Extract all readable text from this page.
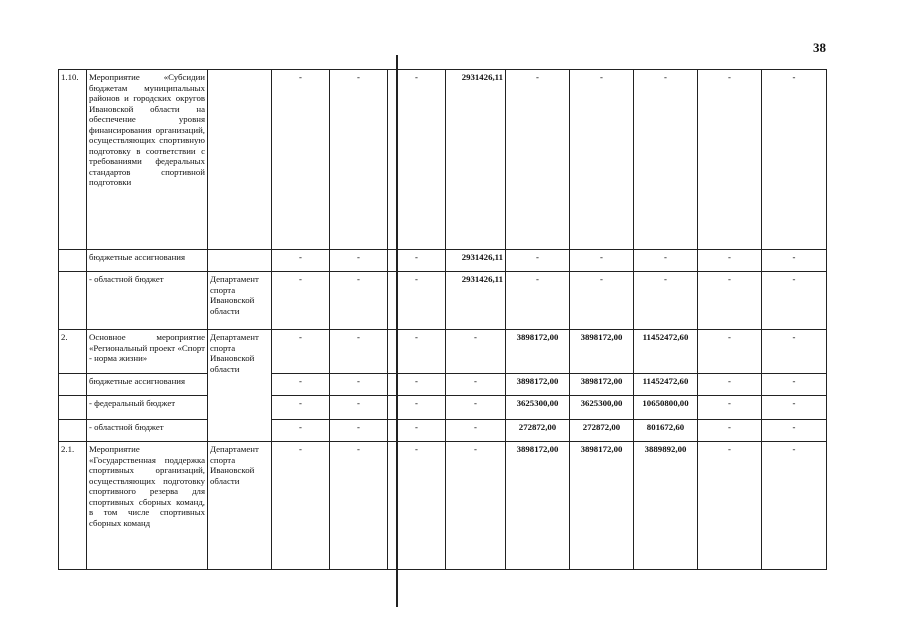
38
1.10.	Мероприятие «Субсидии бюджетам муниципальных районов и городских округов Ивановской области на обеспечение уровня финансирования организаций, осуществляющих спортивную подготовку в соответствии с требованиями федеральных стандартов спортивной подготовки		-	-	-	2931426,11	-	-	-	-	-
	бюджетные ассигнования		-	-	-	2931426,11	-	-	-	-	-
	- областной бюджет	Департамент спорта Ивановской области	-	-	-	2931426,11	-	-	-	-	-
2.	Основное мероприятие «Региональный проект «Спорт - норма жизни»	Департамент спорта Ивановской области	-	-	-	-	3898172,00	3898172,00	11452472,60	-	-
	бюджетные ассигнования		-	-	-	-	3898172,00	3898172,00	11452472,60	-	-
	- федеральный бюджет		-	-	-	-	3625300,00	3625300,00	10650800,00	-	-
	- областной бюджет		-	-	-	-	272872,00	272872,00	801672,60	-	-
2.1.	Мероприятие «Государственная поддержка спортивных организаций, осуществляющих подготовку спортивного резерва для спортивных сборных команд, в том числе спортивных сборных команд	Департамент спорта Ивановской области	-	-	-	-	3898172,00	3898172,00	3889892,00	-	-
